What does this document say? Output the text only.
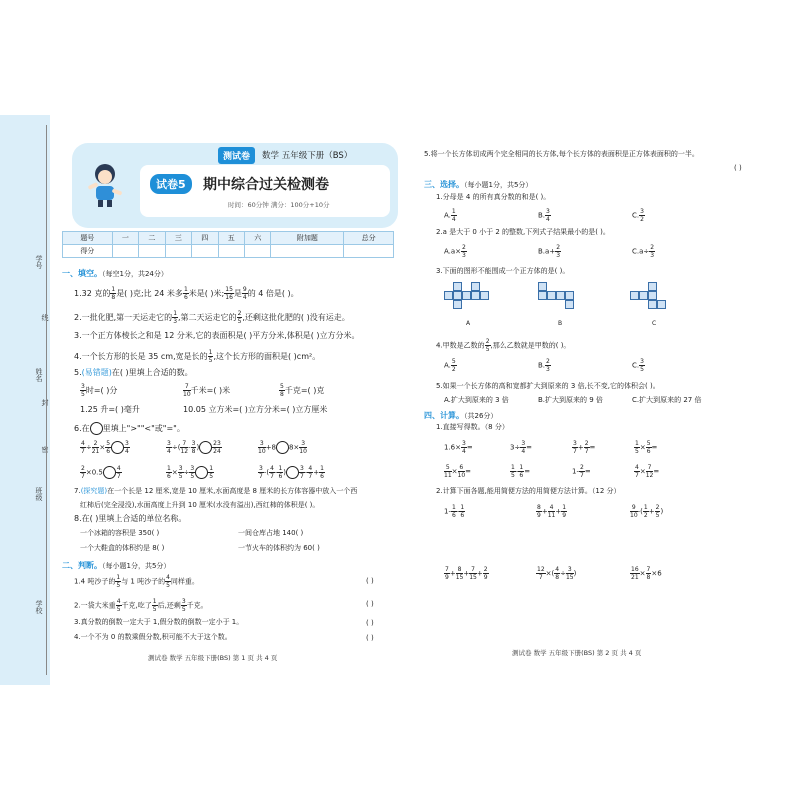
学号
线
姓名
封
班级
密
学校
测试卷	数学 五年级下册（BS）
试卷5	期中综合过关检测卷
时间：60分钟 满分：100分+10分
题号	一	二	三	四	五	六	附加题	总分
得分								
一、填空。（每空1分，共24分）
1.32 克的 $\frac{1}{8}$ 是( )克;比 24 米多 $\frac{1}{6}$ 米是( )米; $\frac{15}{16}$ 是 $\frac{9}{4}$ 的 4 倍是( )。
2.一批化肥,第一天运走它的 $\frac{1}{3}$ ,第二天运走它的 $\frac{2}{5}$ ,还剩这批化肥的( )没有运走。
3.一个正方体棱长之和是 12 分米,它的表面积是( )平方分米,体积是( )立方分米。
4.一个长方形的长是 35 cm,宽是长的 $\frac{1}{5}$ ,这个长方形的面积是( )cm²。
5.(易错题)在( )里填上合适的数。
$\frac{3}{5}$ 时=( )分	$\frac{7}{10}$ 千米=( )米	$\frac{5}{8}$ 千克=( )克
1.25 升=( )毫升	10.05 立方米=( )立方分米=( )立方厘米
6.在 里填上">""<"或"="。
$\frac{4}{7} \div \frac{2}{21} \times \frac{5}{6} \frac{3}{4}$	$\frac{3}{4}$ ÷( $\frac{7}{12} - \frac{3}{8}$ ) $\frac{23}{24}$	$\frac{3}{10} +8$ $8\times \frac{3}{10}$
$\frac{2}{7} \times 0.5 \frac{4}{7}$	$\frac{1}{6} \times \frac{3}{5} \div \frac{3}{5} \frac{1}{5}$	$\frac{3}{7}$ -( $\frac{4}{7} - \frac{1}{6}$ ) $\frac{3}{7} - \frac{4}{7} + \frac{1}{6}$
7.(探究题)在一个长是 12 厘米,宽是 10 厘米,水面高度是 8 厘米的长方体容器中放入一个西
红柿后(完全浸没),水面高度上升到 10 厘米(水没有溢出),西红柿的体积是( )。
8.在( )里填上合适的单位名称。
一个冰箱的容积是 350( )	一间仓库占地 140( )
一个大鞋盒的体积约是 8( )	一节火车的体积约为 60( )
二、判断。（每小题1分，共5分）
1.4 吨沙子的 $\frac{1}{5}$ 与 1 吨沙子的 $\frac{4}{5}$ 同样重。	( )
2.一袋大米重 $\frac{4}{5}$ 千克,吃了 $\frac{1}{5}$ 后,还剩 $\frac{3}{5}$ 千克。	( )
3.真分数的倒数一定大于 1,假分数的倒数一定小于 1。	( )
4.一个不为 0 的数乘假分数,积可能不大于这个数。	( )
测试卷 数学 五年级下册(BS) 第 1 页 共 4 页
5.将一个长方体切成两个完全相同的长方体,每个长方体的表面积是正方体表面积的一半。
( )
三、选择。（每小题1分，共5分）
1.分母是 4 的所有真分数的和是( )。
A. $\frac{1}{4}$	B. $\frac{3}{4}$	C. $\frac{3}{2}$
2.a 是大于 0 小于 2 的整数,下列式子结果最小的是( )。
$A.a\times \frac{2}{3}$	$B.a+ \frac{2}{3}$	$C.a\div \frac{2}{3}$
3.下面的图形不能围成一个正方体的是( )。
A	B	C
4.甲数是乙数的 $\frac{2}{5}$ ,那么乙数就是甲数的( )。
A. $\frac{5}{2}$	B. $\frac{2}{3}$	C. $\frac{3}{5}$
5.如果一个长方体的高和宽都扩大到原来的 3 倍,长不变,它的体积会( )。
A.扩大到原来的 3 倍	B.扩大到原来的 9 倍	C.扩大到原来的 27 倍
四、计算。（共26分）
1.直接写得数。（8 分）
$1.6\times \frac{3}{4}$ =	$3\div \frac{3}{4}$ =	$\frac{3}{7} + \frac{2}{7}$ =	$\frac{1}{5} \times \frac{5}{6}$ =
$\frac{5}{11} \times \frac{6}{10}$ =	$\frac{1}{5} - \frac{1}{6}$ =	$1- \frac{2}{7}$ =	$\frac{4}{7} \times \frac{7}{12}$ =
2.计算下面各题,能用简便方法的用简便方法计算。（12 分）
$1- \frac{1}{6} - \frac{1}{6}$	$\frac{8}{9} + \frac{4}{11} + \frac{1}{9}$	$\frac{9}{10}$ -( $\frac{1}{2} + \frac{2}{5}$ )
$\frac{7}{9} + \frac{8}{15} + \frac{7}{15} + \frac{2}{9}$	$\frac{12}{7}$ ×( $\frac{4}{8} \div \frac{3}{15}$ )	$\frac{16}{21} \times \frac{7}{8} \times 6$
测试卷 数学 五年级下册(BS) 第 2 页 共 4 页
